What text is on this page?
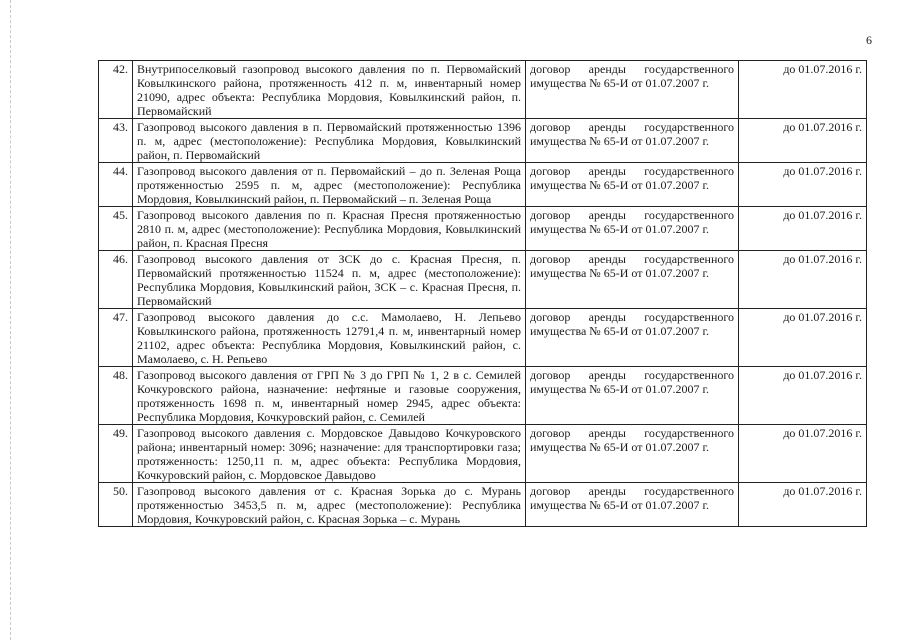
6
42.	Внутрипоселковый газопровод высокого давления по п. Первомайский Ковылкинского района, протяженность 412 п. м, инвентарный номер 21090, адрес объекта: Республика Мордовия, Ковылкинский район, п. Первомайский	договор аренды государственного имущества № 65-И от 01.07.2007 г.	до 01.07.2016 г.
43.	Газопровод высокого давления в п. Первомайский протяженностью 1396 п. м, адрес (местоположение): Республика Мордовия, Ковылкинский район, п. Первомайский	договор аренды государственного имущества № 65-И от 01.07.2007 г.	до 01.07.2016 г.
44.	Газопровод высокого давления от п. Первомайский – до п. Зеленая Роща протяженностью 2595 п. м, адрес (местоположение): Республика Мордовия, Ковылкинский район, п. Первомайский – п. Зеленая Роща	договор аренды государственного имущества № 65-И от 01.07.2007 г.	до 01.07.2016 г.
45.	Газопровод высокого давления по п. Красная Пресня протяженностью 2810 п. м, адрес (местоположение): Республика Мордовия, Ковылкинский район, п. Красная Пресня	договор аренды государственного имущества № 65-И от 01.07.2007 г.	до 01.07.2016 г.
46.	Газопровод высокого давления от ЗСК до с. Красная Пресня, п. Первомайский протяженностью 11524 п. м, адрес (местоположение): Республика Мордовия, Ковылкинский район, ЗСК – с. Красная Пресня, п. Первомайский	договор аренды государственного имущества № 65-И от 01.07.2007 г.	до 01.07.2016 г.
47.	Газопровод высокого давления до с.с. Мамолаево, Н. Лепьево Ковылкинского района, протяженность 12791,4 п. м, инвентарный номер 21102, адрес объекта: Республика Мордовия, Ковылкинский район, с. Мамолаево, с. Н. Репьево	договор аренды государственного имущества № 65-И от 01.07.2007 г.	до 01.07.2016 г.
48.	Газопровод высокого давления от ГРП № 3 до ГРП № 1, 2 в с. Семилей Кочкуровского района, назначение: нефтяные и газовые сооружения, протяженность 1698 п. м, инвентарный номер 2945, адрес объекта: Республика Мордовия, Кочкуровский район, с. Семилей	договор аренды государственного имущества № 65-И от 01.07.2007 г.	до 01.07.2016 г.
49.	Газопровод высокого давления с. Мордовское Давыдово Кочкуровского района; инвентарный номер: 3096; назначение: для транспортировки газа; протяженность: 1250,11 п. м, адрес объекта: Республика Мордовия, Кочкуровский район, с. Мордовское Давыдово	договор аренды государственного имущества № 65-И от 01.07.2007 г.	до 01.07.2016 г.
50.	Газопровод высокого давления от с. Красная Зорька до с. Мурань протяженностью 3453,5 п. м, адрес (местоположение): Республика Мордовия, Кочкуровский район, с. Красная Зорька – с. Мурань	договор аренды государственного имущества № 65-И от 01.07.2007 г.	до 01.07.2016 г.
